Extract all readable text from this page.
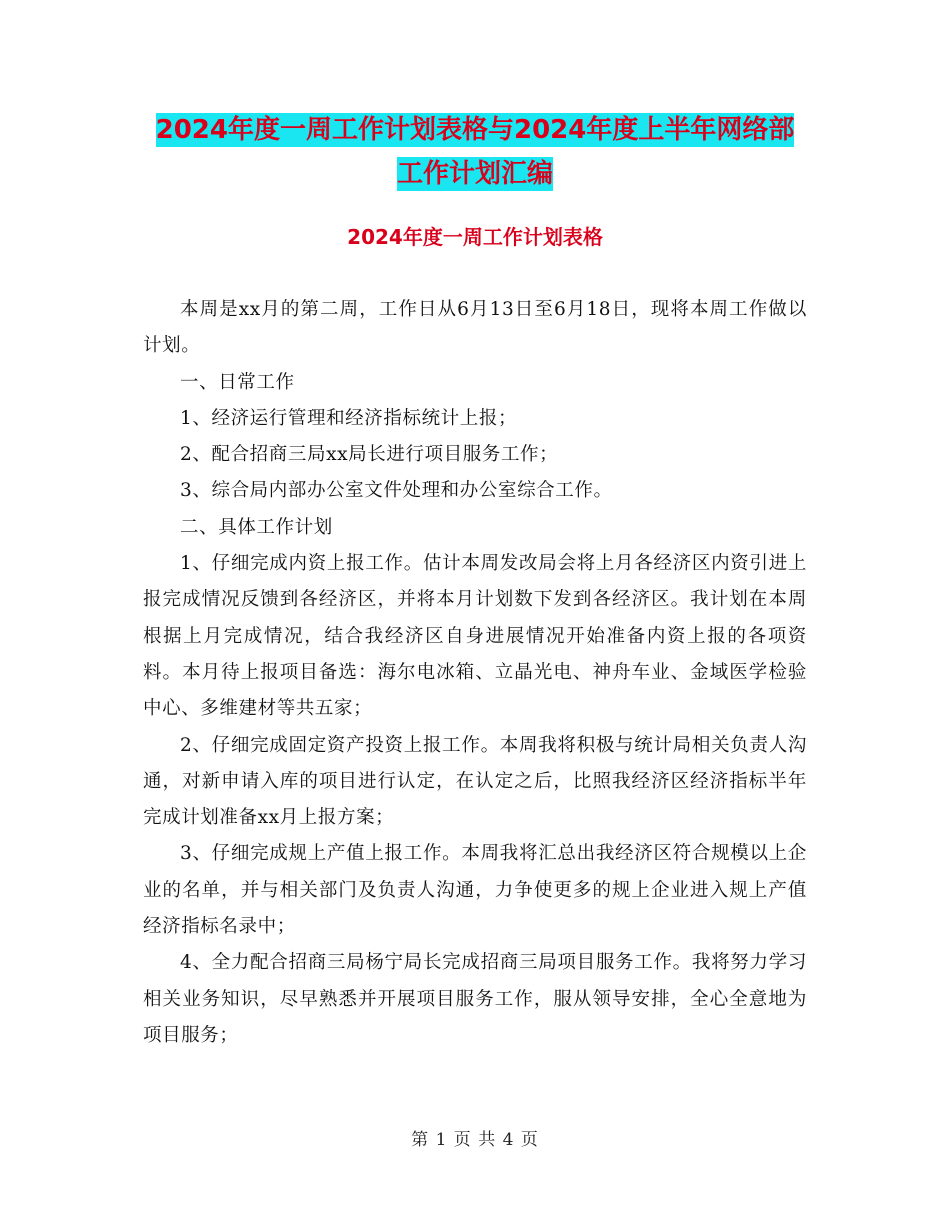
2024年度一周工作计划表格与2024年度上半年网络部
工作计划汇编
2024年度一周工作计划表格

本周是xx月的第二周，工作日从6月13日至6月18日，现将本周工作做以计划。

一、日常工作

1、经济运行管理和经济指标统计上报；

2、配合招商三局xx局长进行项目服务工作；

3、综合局内部办公室文件处理和办公室综合工作。

二、具体工作计划

1、仔细完成内资上报工作。估计本周发改局会将上月各经济区内资引进上报完成情况反馈到各经济区，并将本月计划数下发到各经济区。我计划在本周根据上月完成情况，结合我经济区自身进展情况开始准备内资上报的各项资料。本月待上报项目备选：海尔电冰箱、立晶光电、神舟车业、金域医学检验中心、多维建材等共五家；

2、仔细完成固定资产投资上报工作。本周我将积极与统计局相关负责人沟通，对新申请入库的项目进行认定，在认定之后，比照我经济区经济指标半年完成计划准备xx月上报方案；

3、仔细完成规上产值上报工作。本周我将汇总出我经济区符合规模以上企业的名单，并与相关部门及负责人沟通，力争使更多的规上企业进入规上产值经济指标名录中；

4、全力配合招商三局杨宁局长完成招商三局项目服务工作。我将努力学习相关业务知识，尽早熟悉并开展项目服务工作，服从领导安排，全心全意地为项目服务；

第 1 页 共 4 页
